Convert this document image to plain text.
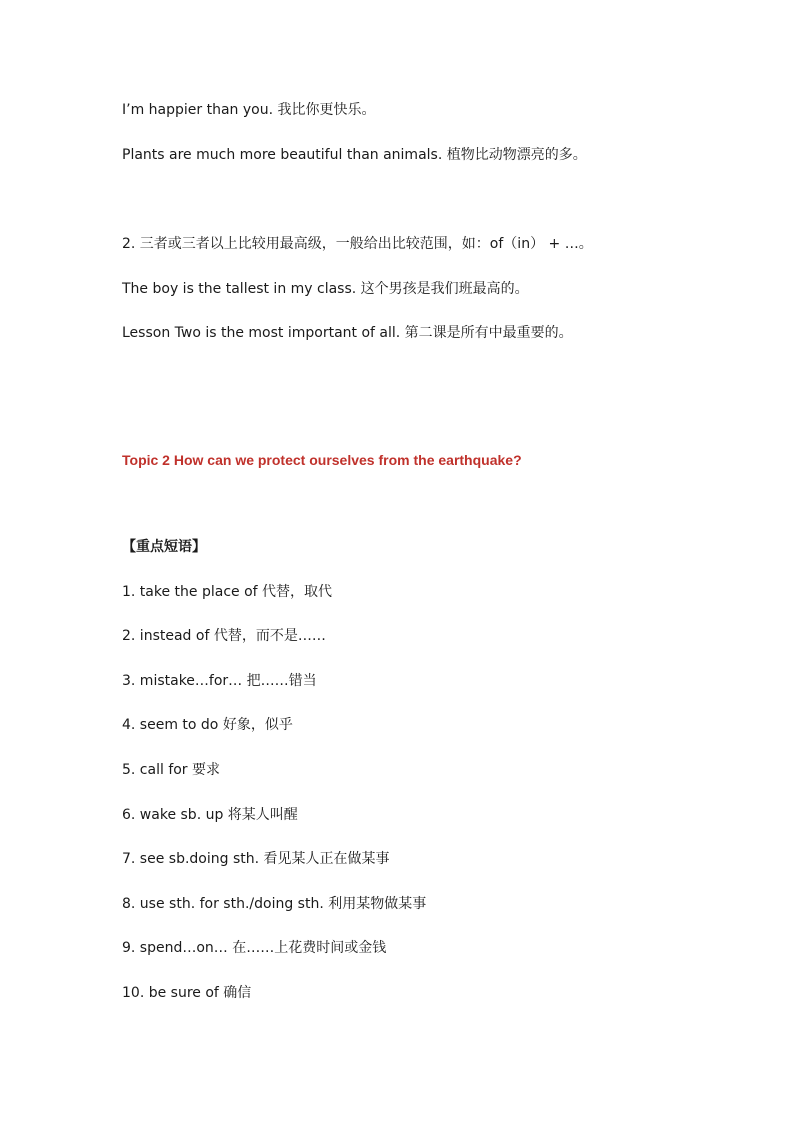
I’m happier than you. 我比你更快乐。

Plants are much more beautiful than animals. 植物比动物漂亮的多。

2. 三者或三者以上比较用最高级，一般给出比较范围，如：of（in） + …。

The boy is the tallest in my class. 这个男孩是我们班最高的。

Lesson Two is the most important of all. 第二课是所有中最重要的。

Topic 2 How can we protect ourselves from the earthquake?

【重点短语】

1. take the place of 代替，取代

2. instead of 代替，而不是……

3. mistake…for… 把……错当

4. seem to do 好象，似乎

5. call for 要求

6. wake sb. up 将某人叫醒

7. see sb.doing sth. 看见某人正在做某事

8. use sth. for sth./doing sth. 利用某物做某事

9. spend…on… 在……上花费时间或金钱

10. be sure of 确信
